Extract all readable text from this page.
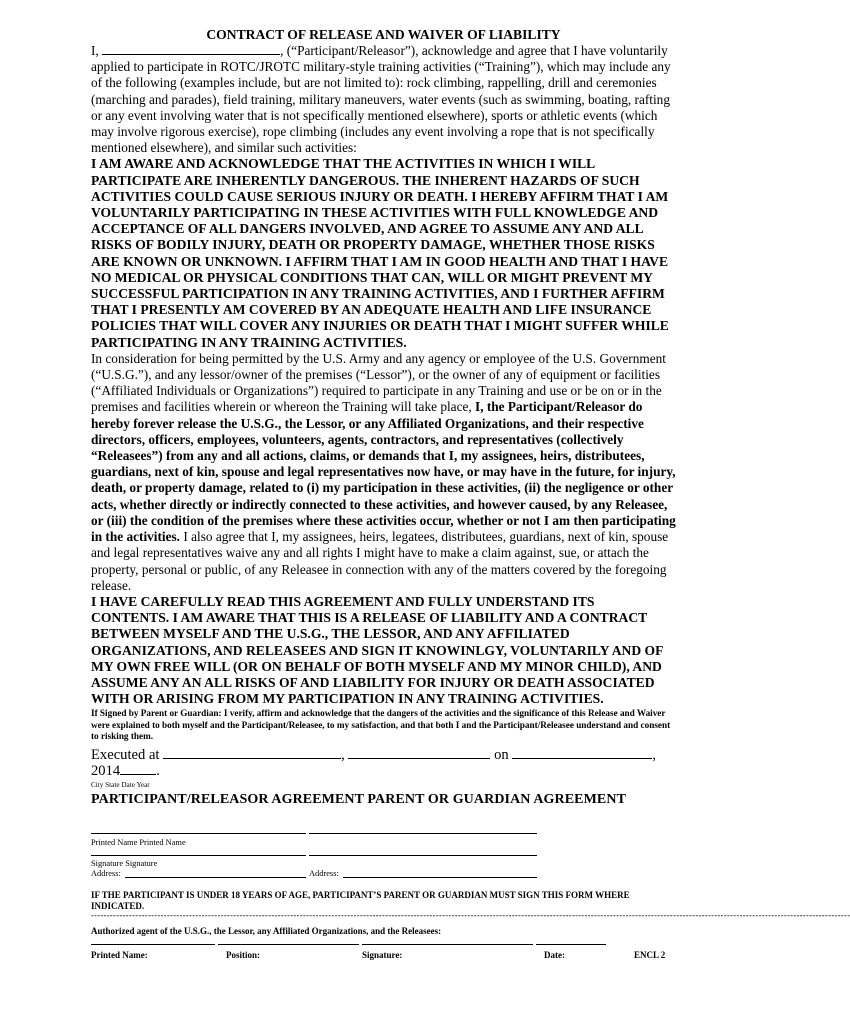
CONTRACT OF RELEASE AND WAIVER OF LIABILITY

I,	, (“Participant/Releasor”), acknowledge and agree that I have voluntarily applied to participate in ROTC/JROTC military-style training activities (“Training”), which may include any of the following (examples include, but are not limited to): rock climbing, rappelling, drill and ceremonies (marching and parades), field training, military maneuvers, water events (such as swimming, boating, rafting or any event involving water that is not specifically mentioned elsewhere), sports or athletic events (which may involve rigorous exercise), rope climbing (includes any event involving a rope that is not specifically mentioned elsewhere), and similar such activities:

I AM AWARE AND ACKNOWLEDGE THAT THE ACTIVITIES IN WHICH I WILL PARTICIPATE ARE INHERENTLY DANGEROUS. THE INHERENT HAZARDS OF SUCH ACTIVITIES COULD CAUSE SERIOUS INJURY OR DEATH. I HEREBY AFFIRM THAT I AM VOLUNTARILY PARTICIPATING IN THESE ACTIVITIES WITH FULL KNOWLEDGE AND ACCEPTANCE OF ALL DANGERS INVOLVED, AND AGREE TO ASSUME ANY AND ALL RISKS OF BODILY INJURY, DEATH OR PROPERTY DAMAGE, WHETHER THOSE RISKS ARE KNOWN OR UNKNOWN. I AFFIRM THAT I AM IN GOOD HEALTH AND THAT I HAVE NO MEDICAL OR PHYSICAL CONDITIONS THAT CAN, WILL OR MIGHT PREVENT MY SUCCESSFUL PARTICIPATION IN ANY TRAINING ACTIVITIES, AND I FURTHER AFFIRM THAT I PRESENTLY AM COVERED BY AN ADEQUATE HEALTH AND LIFE INSURANCE POLICIES THAT WILL COVER ANY INJURIES OR DEATH THAT I MIGHT SUFFER WHILE PARTICIPATING IN ANY TRAINING ACTIVITIES.

In consideration for being permitted by the U.S. Army and any agency or employee of the U.S. Government (“U.S.G.”), and any lessor/owner of the premises (“Lessor”), or the owner of any of equipment or facilities (“Affiliated Individuals or Organizations”) required to participate in any Training and use or be on or in the premises and facilities wherein or whereon the Training will take place, I, the Participant/Releasor do hereby forever release the U.S.G., the Lessor, or any Affiliated Organizations, and their respective directors, officers, employees, volunteers, agents, contractors, and representatives (collectively “Releasees”) from any and all actions, claims, or demands that I, my assignees, heirs, distributees, guardians, next of kin, spouse and legal representatives now have, or may have in the future, for injury, death, or property damage, related to (i) my participation in these activities, (ii) the negligence or other acts, whether directly or indirectly connected to these activities, and however caused, by any Releasee, or (iii) the condition of the premises where these activities occur, whether or not I am then participating in the activities. I also agree that I, my assignees, heirs, legatees, distributees, guardians, next of kin, spouse and legal representatives waive any and all rights I might have to make a claim against, sue, or attach the property, personal or public, of any Releasee in connection with any of the matters covered by the foregoing release.

I HAVE CAREFULLY READ THIS AGREEMENT AND FULLY UNDERSTAND ITS CONTENTS. I AM AWARE THAT THIS IS A RELEASE OF LIABILITY AND A CONTRACT BETWEEN MYSELF AND THE U.S.G., THE LESSOR, AND ANY AFFILIATED ORGANIZATIONS, AND RELEASEES AND SIGN IT KNOWINLGY, VOLUNTARILY AND OF MY OWN FREE WILL (OR ON BEHALF OF BOTH MYSELF AND MY MINOR CHILD), AND ASSUME ANY AN ALL RISKS OF AND LIABILITY FOR INJURY OR DEATH ASSOCIATED WITH OR ARISING FROM MY PARTICIPATION IN ANY TRAINING ACTIVITIES.

If Signed by Parent or Guardian: I verify, affirm and acknowledge that the dangers of the activities and the significance of this Release and Waiver were explained to both myself and the Participant/Releasee, to my satisfaction, and that both I and the Participant/Releasee understand and consent to risking them.

Executed at	,	on	,
2014 .

City State Date Year

PARTICIPANT/RELEASOR AGREEMENT PARENT OR GUARDIAN AGREEMENT

Printed Name Printed Name
Signature Signature
Address:	Address:
IF THE PARTICIPANT IS UNDER 18 YEARS OF AGE, PARTICIPANT’S PARENT OR GUARDIAN MUST SIGN THIS FORM WHERE INDICATED.
------------------------------------------------------------------------------------------------------------------------------------------------------------------------------------------------------------------------------------------------
Authorized agent of the U.S.G., the Lessor, any Affiliated Organizations, and the Releasees:
Printed Name:	Position:	Signature:	Date:	ENCL 2
